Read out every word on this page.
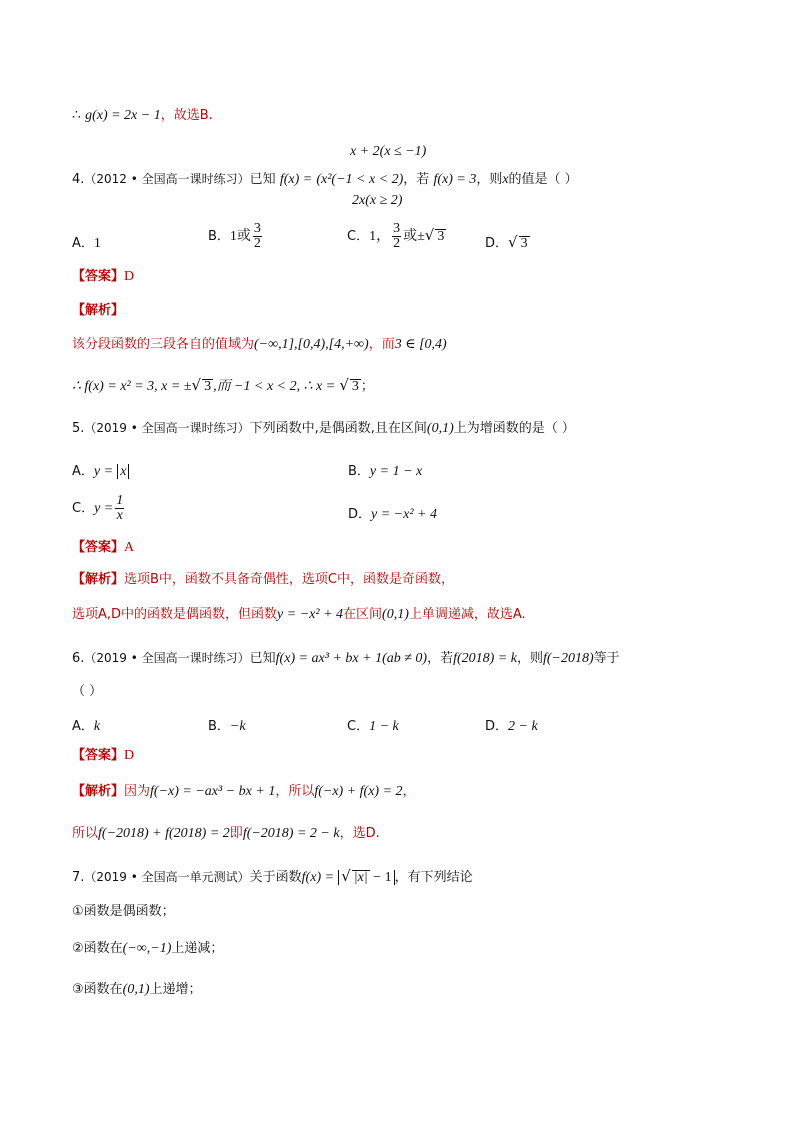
∴ g(x) = 2x − 1，故选B.
x + 2(x ≤ −1)
4.（2012 • 全国高一课时练习）已知 f(x) = (x²(−1 < x < 2)，若 f(x) = 3，则x的值是（ ）
2x(x ≥ 2)
A．1	B．1或 $\frac{3}{2}$	C．1， $\frac{3}{2}$ 或±√ 3	D．√ 3
【答案】D
【解析】
该分段函数的三段各自的值域为(−∞,1],[0,4),[4,+∞)，而3 ∈ [0,4)
∴ f(x) = x² = 3, x = ±√ 3 ,而 −1 < x < 2, ∴ x = √ 3 ；
5.（2019 • 全国高一课时练习）下列函数中,是偶函数,且在区间(0,1)上为增函数的是（ ）
A．y = x	B．y = 1 − x
C．$y = \frac{1}{x}$	D．y = −x² + 4
【答案】A
【解析】选项B中，函数不具备奇偶性，选项C中，函数是奇函数，
选项A,D中的函数是偶函数，但函数y = −x² + 4在区间(0,1)上单调递减，故选A.
6.（2019 • 全国高一课时练习）已知f(x) = ax³ + bx + 1(ab ≠ 0)，若f(2018) = k，则f(−2018)等于
（ ）
A．k	B．−k	C．1 − k	D．2 − k
【答案】D
【解析】因为f(−x) = −ax³ − bx + 1，所以f(−x) + f(x) = 2，
所以f(−2018) + f(2018) = 2即f(−2018) = 2 − k，选D.
7.（2019 • 全国高一单元测试）关于函数f(x) = √ |x| − 1 ，有下列结论
①函数是偶函数；
②函数在(−∞,−1)上递减；
③函数在(0,1)上递增；
